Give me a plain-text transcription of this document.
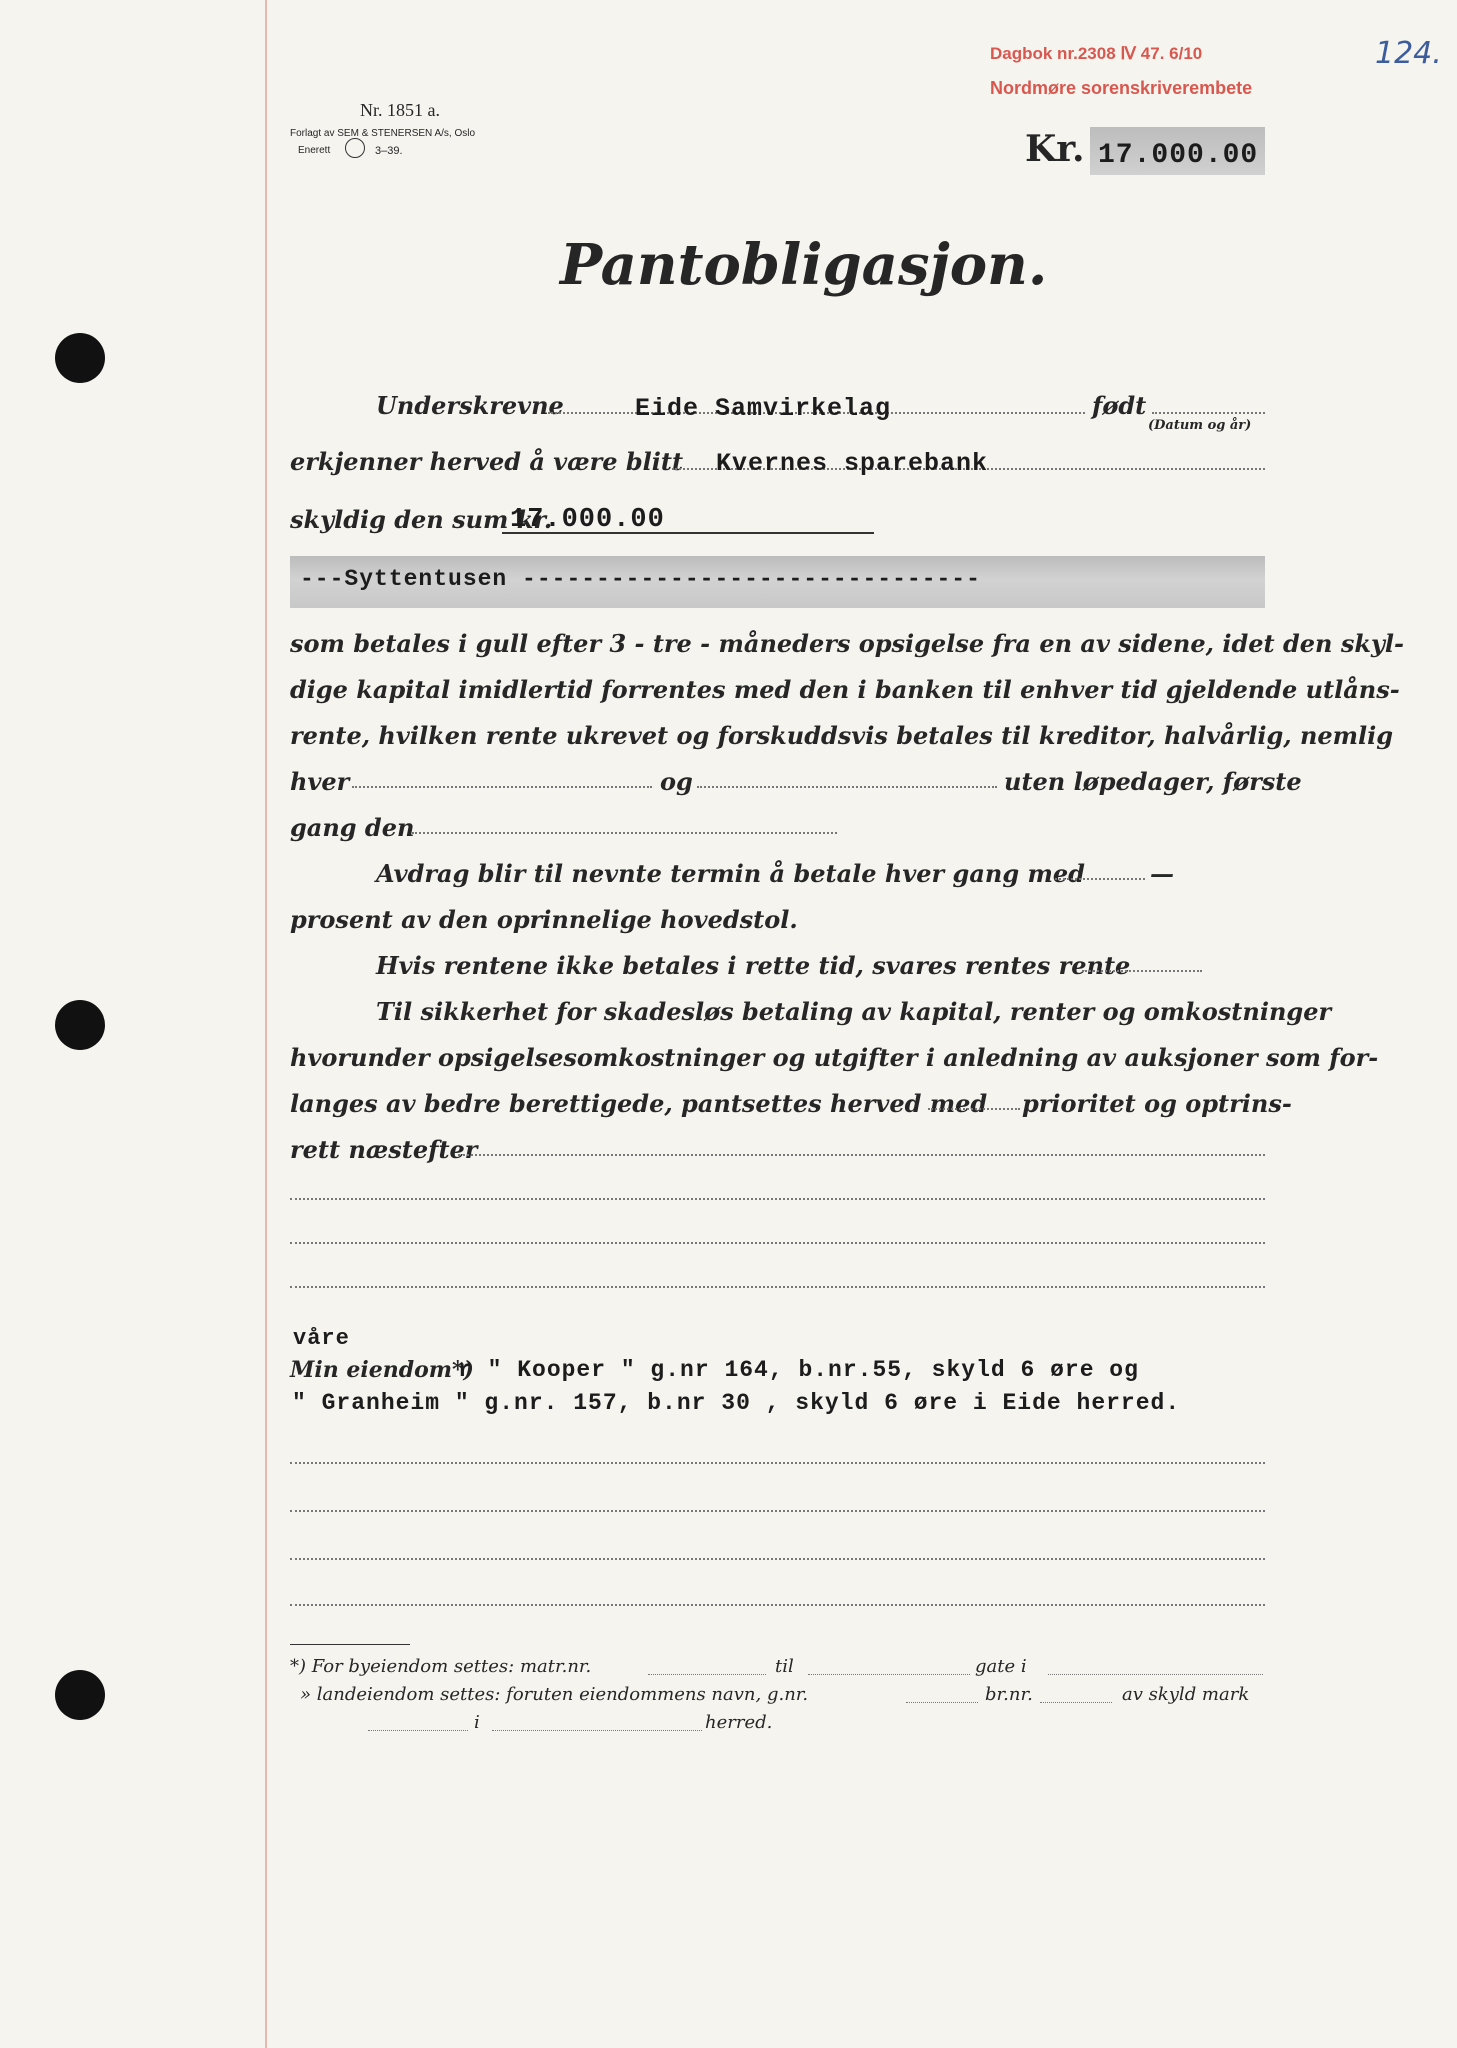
Dagbok nr.2308 Ⅳ 47. 6/10
Nordmøre sorenskriverembete
124.
Nr. 1851 a.
Forlagt av SEM & STENERSEN A/s, Oslo
Enerett	3–39.	Kr. 17.000.00
Pantobligasjon.
Underskrevne	Eide Samvirkelag	født
(Datum og år)
erkjenner herved å være blitt Kvernes sparebank
skyldig den sum kr.
17.000.00
---Syttentusen -------------------------------
som betales i gull efter 3 - tre - måneders opsigelse fra en av sidene, idet den skyl-
dige kapital imidlertid forrentes med den i banken til enhver tid gjeldende utlåns-
rente, hvilken rente ukrevet og forskuddsvis betales til kreditor, halvårlig, nemlig
hver	og	uten løpedager, første
gang den
Avdrag blir til nevnte termin å betale hver gang med	—
prosent av den oprinnelige hovedstol.
Hvis rentene ikke betales i rette tid, svares rentes rente
Til sikkerhet for skadesløs betaling av kapital, renter og omkostninger
hvorunder opsigelsesomkostninger og utgifter i anledning av auksjoner som for-
langes av bedre berettigede, pantsettes herved med prioritet og optrins-
rett næstefter
våre
Min eiendom*)
r " Kooper " g.nr 164, b.nr.55, skyld 6 øre og
" Granheim " g.nr. 157, b.nr 30 , skyld 6 øre i Eide herred.
*) For byeiendom settes: matr.nr.	til	gate i
» landeiendom settes: foruten eiendommens navn, g.nr.	br.nr.	av skyld mark
i	herred.
